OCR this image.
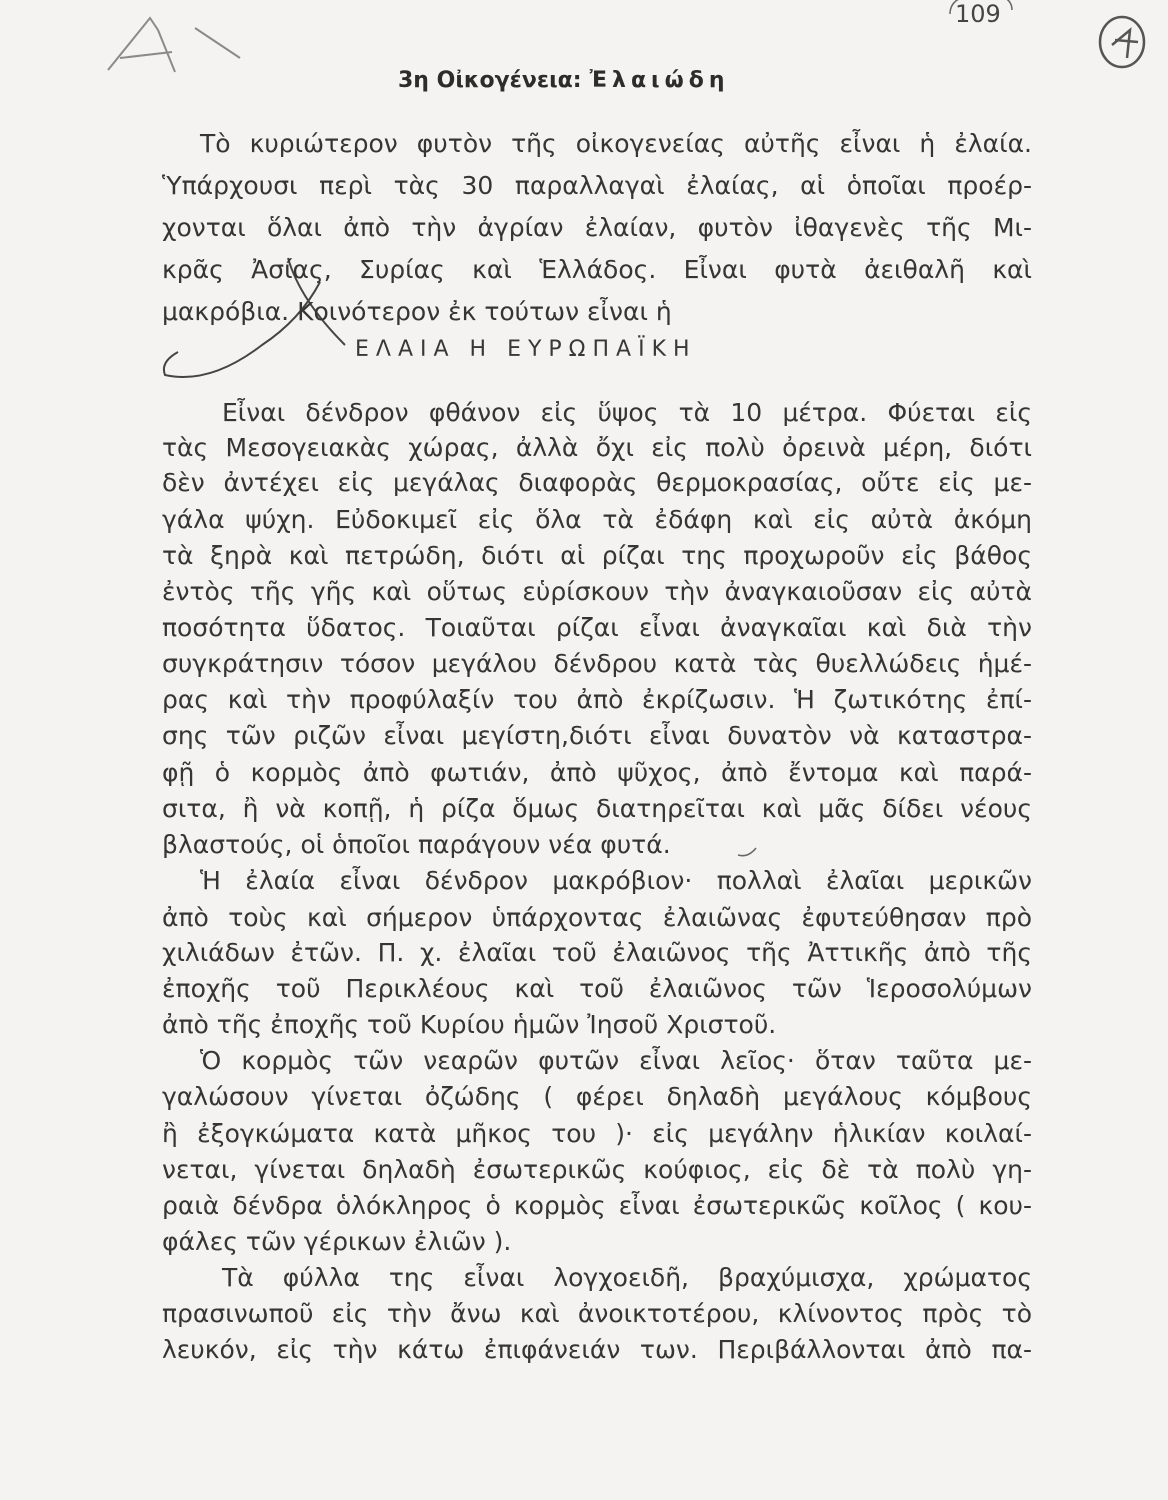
109
3η Οἰκογένεια: Ἐλαιώδη
Τὸ κυριώτερον φυτὸν τῆς οἰκογενείας αὐτῆς εἶναι ἡ ἐλαία.
Ὑπάρχουσι περὶ τὰς 30 παραλλαγαὶ ἐλαίας, αἱ ὁποῖαι προέρ-
χονται ὅλαι ἀπὸ τὴν ἀγρίαν ἐλαίαν, φυτὸν ἰθαγενὲς τῆς Μι-
κρᾶς Ἀσίας, Συρίας καὶ Ἑλλάδος. Εἶναι φυτὰ ἀειθαλῆ καὶ
μακρόβια. Κοινότερον ἐκ τούτων εἶναι ἡ
ΕΛΑΙΑ Η ΕΥΡΩΠΑΪΚΗ
Εἶναι δένδρον φθάνον εἰς ὕψος τὰ 10 μέτρα. Φύεται εἰς
τὰς Μεσογειακὰς χώρας, ἀλλὰ ὄχι εἰς πολὺ ὀρεινὰ μέρη, διότι
δὲν ἀντέχει εἰς μεγάλας διαφορὰς θερμοκρασίας, οὔτε εἰς με-
γάλα ψύχη. Εὐδοκιμεῖ εἰς ὅλα τὰ ἐδάφη καὶ εἰς αὐτὰ ἀκόμη
τὰ ξηρὰ καὶ πετρώδη, διότι αἱ ρίζαι της προχωροῦν εἰς βάθος
ἐντὸς τῆς γῆς καὶ οὕτως εὑρίσκουν τὴν ἀναγκαιοῦσαν εἰς αὐτὰ
ποσότητα ὕδατος. Τοιαῦται ρίζαι εἶναι ἀναγκαῖαι καὶ διὰ τὴν
συγκράτησιν τόσον μεγάλου δένδρου κατὰ τὰς θυελλώδεις ἡμέ-
ρας καὶ τὴν προφύλαξίν του ἀπὸ ἐκρίζωσιν. Ἡ ζωτικότης ἐπί-
σης τῶν ριζῶν εἶναι μεγίστη,διότι εἶναι δυνατὸν νὰ καταστρα-
φῇ ὁ κορμὸς ἀπὸ φωτιάν, ἀπὸ ψῦχος, ἀπὸ ἔντομα καὶ παρά-
σιτα, ἢ νὰ κοπῇ, ἡ ρίζα ὅμως διατηρεῖται καὶ μᾶς δίδει νέους
βλαστούς, οἱ ὁποῖοι παράγουν νέα φυτά.
Ἡ ἐλαία εἶναι δένδρον μακρόβιον· πολλαὶ ἐλαῖαι μερικῶν
ἀπὸ τοὺς καὶ σήμερον ὑπάρχοντας ἐλαιῶνας ἐφυτεύθησαν πρὸ
χιλιάδων ἐτῶν. Π. χ. ἐλαῖαι τοῦ ἐλαιῶνος τῆς Ἀττικῆς ἀπὸ τῆς
ἐποχῆς τοῦ Περικλέους καὶ τοῦ ἐλαιῶνος τῶν Ἱεροσολύμων
ἀπὸ τῆς ἐποχῆς τοῦ Κυρίου ἡμῶν Ἰησοῦ Χριστοῦ.
Ὁ κορμὸς τῶν νεαρῶν φυτῶν εἶναι λεῖος· ὅταν ταῦτα με-
γαλώσουν γίνεται ὀζώδης ( φέρει δηλαδὴ μεγάλους κόμβους
ἢ ἐξογκώματα κατὰ μῆκος του )· εἰς μεγάλην ἡλικίαν κοιλαί-
νεται, γίνεται δηλαδὴ ἐσωτερικῶς κούφιος, εἰς δὲ τὰ πολὺ γη-
ραιὰ δένδρα ὁλόκληρος ὁ κορμὸς εἶναι ἐσωτερικῶς κοῖλος ( κου-
φάλες τῶν γέρικων ἐλιῶν ).
Τὰ φύλλα της εἶναι λογχοειδῆ, βραχύμισχα, χρώματος
πρασινωποῦ εἰς τὴν ἄνω καὶ ἀνοικτοτέρου, κλίνοντος πρὸς τὸ
λευκόν, εἰς τὴν κάτω ἐπιφάνειάν των. Περιβάλλονται ἀπὸ πα-
